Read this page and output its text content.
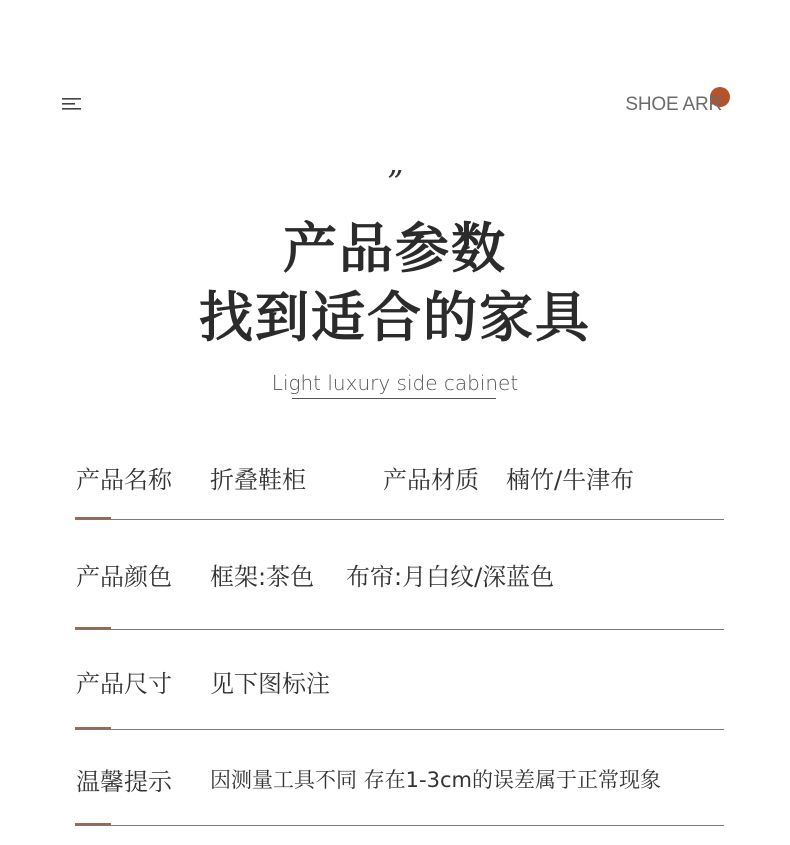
SHOE ARR
”
产品参数
找到适合的家具
Light luxury side cabinet
产品名称 折叠鞋柜	产品材质 楠竹/牛津布
产品颜色 框架:茶色 布帘:月白纹/深蓝色
产品尺寸 见下图标注
温馨提示 因测量工具不同 存在1-3cm的误差属于正常现象
